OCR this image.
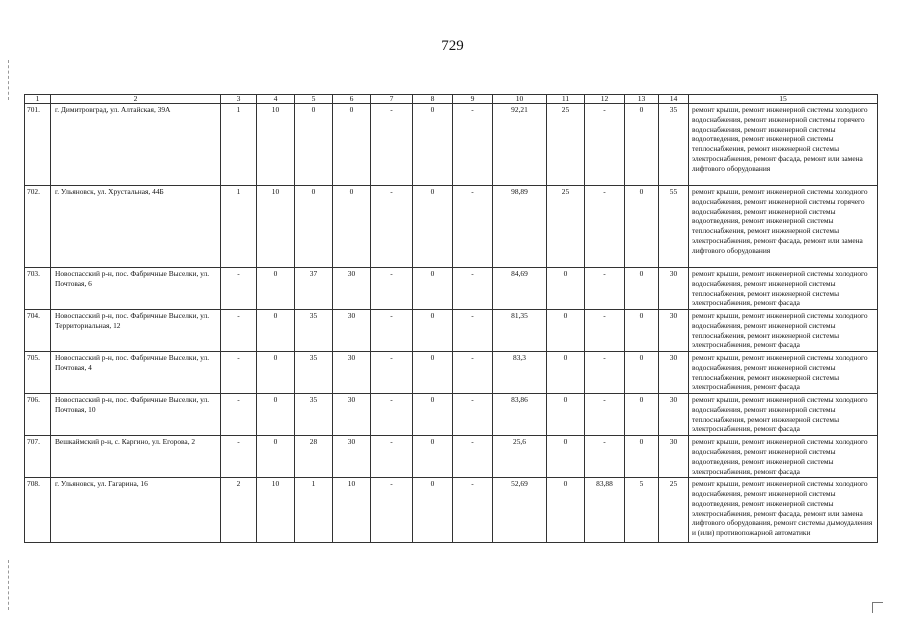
729
1	2	3	4	5	6	7	8	9	10	11	12	13	14	15
701.	г. Димитровград, ул. Алтайская, 39А	1	10	0	0	-	0	-	92,21	25	-	0	35	ремонт крыши, ремонт инженерной системы холодного водоснабжения, ремонт инженерной системы горячего водоснабжения, ремонт инженерной системы водоотведения, ремонт инженерной системы теплоснабжения, ремонт инженерной системы электроснабжения, ремонт фасада, ремонт или замена лифтового оборудования
702.	г. Ульяновск, ул. Хрустальная, 44Б	1	10	0	0	-	0	-	98,89	25	-	0	55	ремонт крыши, ремонт инженерной системы холодного водоснабжения, ремонт инженерной системы горячего водоснабжения, ремонт инженерной системы водоотведения, ремонт инженерной системы теплоснабжения, ремонт инженерной системы электроснабжения, ремонт фасада, ремонт или замена лифтового оборудования
703.	Новоспасский р-н, пос. Фабричные Выселки, ул. Почтовая, 6	-	0	37	30	-	0	-	84,69	0	-	0	30	ремонт крыши, ремонт инженерной системы холодного водоснабжения, ремонт инженерной системы теплоснабжения, ремонт инженерной системы электроснабжения, ремонт фасада
704.	Новоспасский р-н, пос. Фабричные Выселки, ул. Территориальная, 12	-	0	35	30	-	0	-	81,35	0	-	0	30	ремонт крыши, ремонт инженерной системы холодного водоснабжения, ремонт инженерной системы теплоснабжения, ремонт инженерной системы электроснабжения, ремонт фасада
705.	Новоспасский р-н, пос. Фабричные Выселки, ул. Почтовая, 4	-	0	35	30	-	0	-	83,3	0	-	0	30	ремонт крыши, ремонт инженерной системы холодного водоснабжения, ремонт инженерной системы теплоснабжения, ремонт инженерной системы электроснабжения, ремонт фасада
706.	Новоспасский р-н, пос. Фабричные Выселки, ул. Почтовая, 10	-	0	35	30	-	0	-	83,86	0	-	0	30	ремонт крыши, ремонт инженерной системы холодного водоснабжения, ремонт инженерной системы теплоснабжения, ремонт инженерной системы электроснабжения, ремонт фасада
707.	Вешкаймский р-н, с. Каргино, ул. Егорова, 2	-	0	28	30	-	0	-	25,6	0	-	0	30	ремонт крыши, ремонт инженерной системы холодного водоснабжения, ремонт инженерной системы водоотведения, ремонт инженерной системы электроснабжения, ремонт фасада
708.	г. Ульяновск, ул. Гагарина, 16	2	10	1	10	-	0	-	52,69	0	83,88	5	25	ремонт крыши, ремонт инженерной системы холодного водоснабжения, ремонт инженерной системы водоотведения, ремонт инженерной системы электроснабжения, ремонт фасада, ремонт или замена лифтового оборудования, ремонт системы дымоудаления и (или) противопожарной автоматики
